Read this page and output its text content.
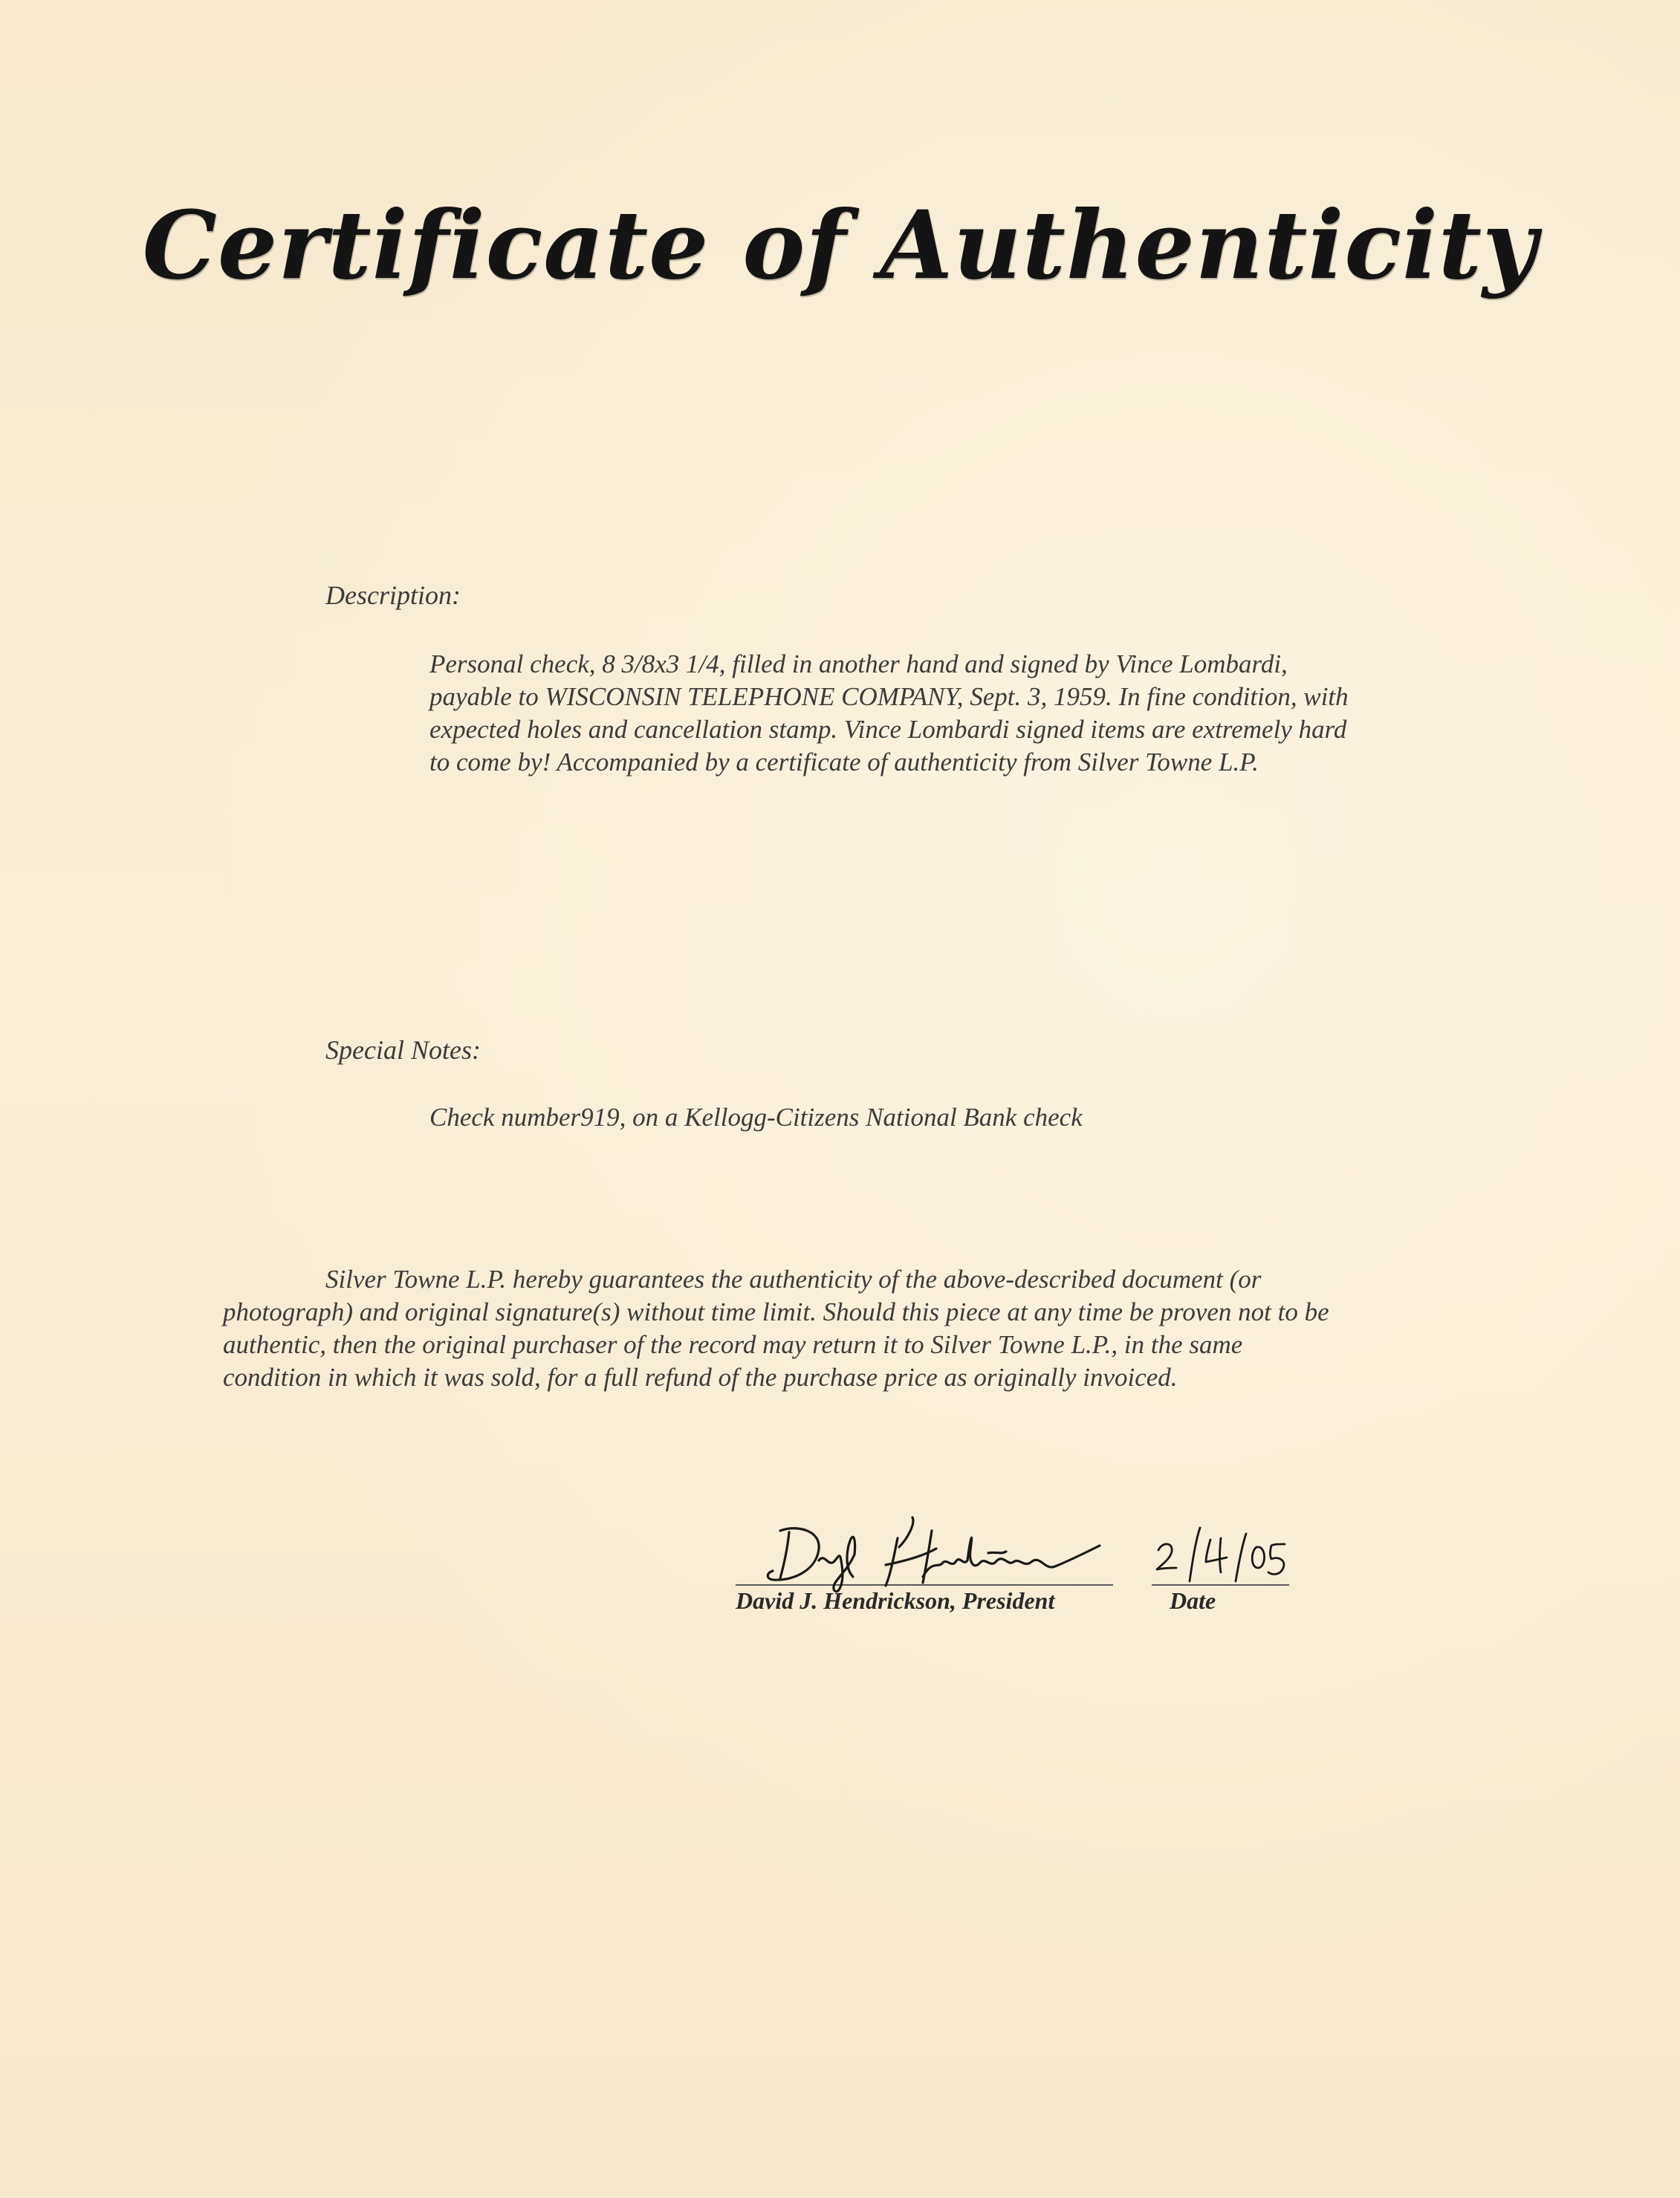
Certificate of Authenticity
Description:
Personal check, 8 3/8x3 1/4, filled in another hand and signed by Vince Lombardi,
payable to WISCONSIN TELEPHONE COMPANY, Sept. 3, 1959. In fine condition, with
expected holes and cancellation stamp. Vince Lombardi signed items are extremely hard
to come by! Accompanied by a certificate of authenticity from Silver Towne L.P.
Special Notes:
Check number919, on a Kellogg-Citizens National Bank check
Silver Towne L.P. hereby guarantees the authenticity of the above-described document (or
photograph) and original signature(s) without time limit. Should this piece at any time be proven not to be
authentic, then the original purchaser of the record may return it to Silver Towne L.P., in the same
condition in which it was sold, for a full refund of the purchase price as originally invoiced.
David J. Hendrickson, President	Date
